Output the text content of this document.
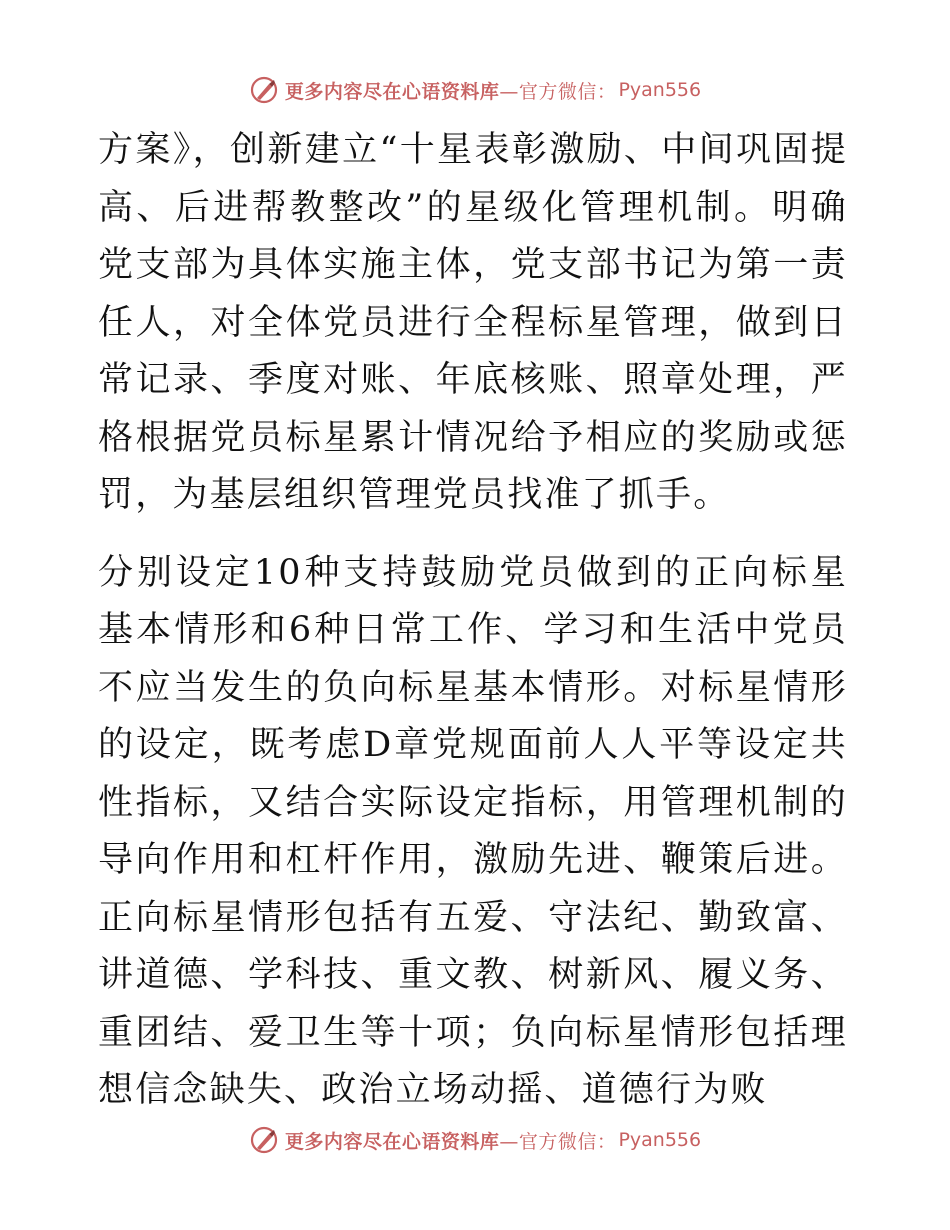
更多内容尽在心语资料库 —官方微信： Pyan556

方案》，创新建立“十星表彰激励、中间巩固提高、后进帮教整改”的星级化管理机制。明确党支部为具体实施主体，党支部书记为第一责任人，对全体党员进行全程标星管理，做到日常记录、季度对账、年底核账、照章处理，严格根据党员标星累计情况给予相应的奖励或惩罚，为基层组织管理党员找准了抓手。

分别设定10种支持鼓励党员做到的正向标星基本情形和6种日常工作、学习和生活中党员不应当发生的负向标星基本情形。对标星情形的设定，既考虑D章党规面前人人平等设定共性指标，又结合实际设定指标，用管理机制的导向作用和杠杆作用，激励先进、鞭策后进。正向标星情形包括有五爱、守法纪、勤致富、讲道德、学科技、重文教、树新风、履义务、重团结、爱卫生等十项；负向标星情形包括理想信念缺失、政治立场动摇、道德行为败

更多内容尽在心语资料库 —官方微信： Pyan556
